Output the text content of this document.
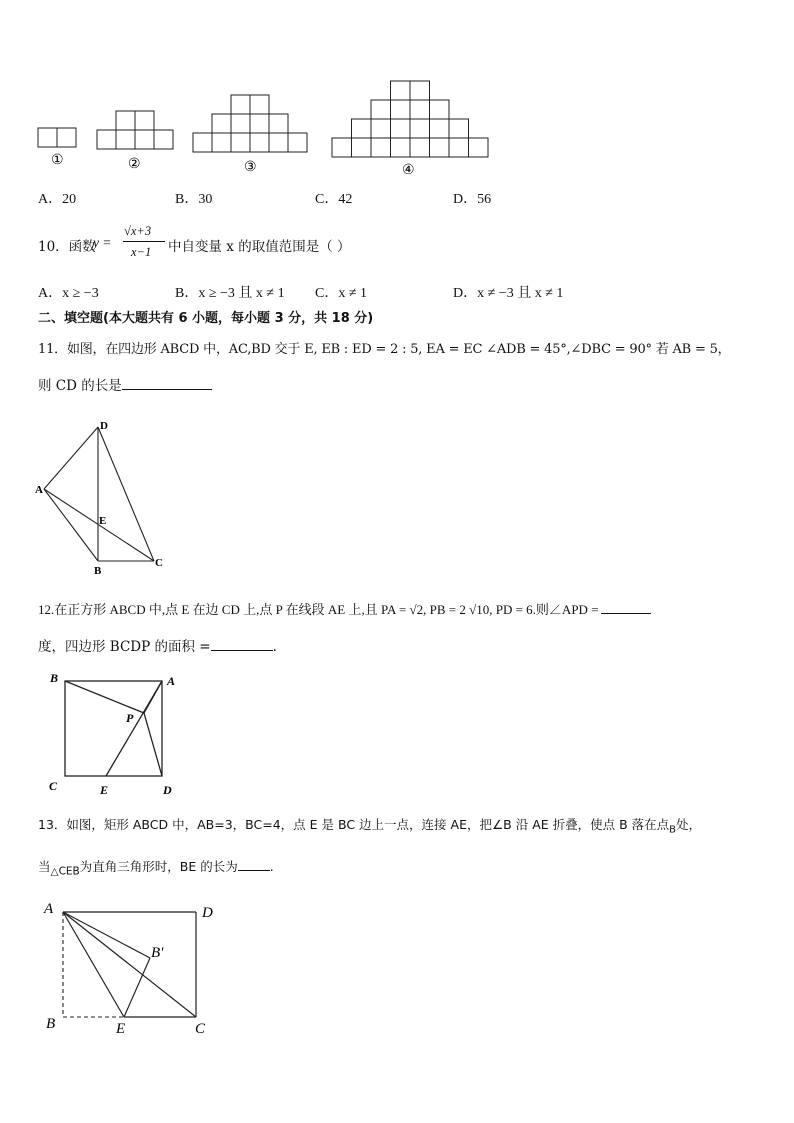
①	②	③	④
A．20	B．30	C．42	D．56
10．函数
y =
√x+3
x−1 中自变量 x 的取值范围是（ ）
A．x ≥ −3	B．x ≥ −3 且 x ≠ 1 C．x ≠ 1	D．x ≠ −3 且 x ≠ 1
二、填空题(本大题共有 6 小题，每小题 3 分，共 18 分)
11．如图，在四边形 ABCD 中，AC,BD 交于 E, EB : ED = 2 : 5, EA = EC ∠ADB = 45°,∠DBC = 90° 若 AB = 5，
则 CD 的长是
D
A
E
B
C
12.在正方形 ABCD 中,点 E 在边 CD 上,点 P 在线段 AE 上,且 PA = √2, PB = 2 √10, PD = 6.则∠APD =
度，四边形 BCDP 的面积 =	.
B	A
P
C	E	D
13．如图，矩形 ABCD 中，AB=3，BC=4，点 E 是 BC 边上一点，连接 AE，把∠B 沿 AE 折叠，使点 B 落在点$_B$处，
当$_{\triangle CEB}$为直角三角形时，BE 的长为	.
A	D
B'
B	E	C
